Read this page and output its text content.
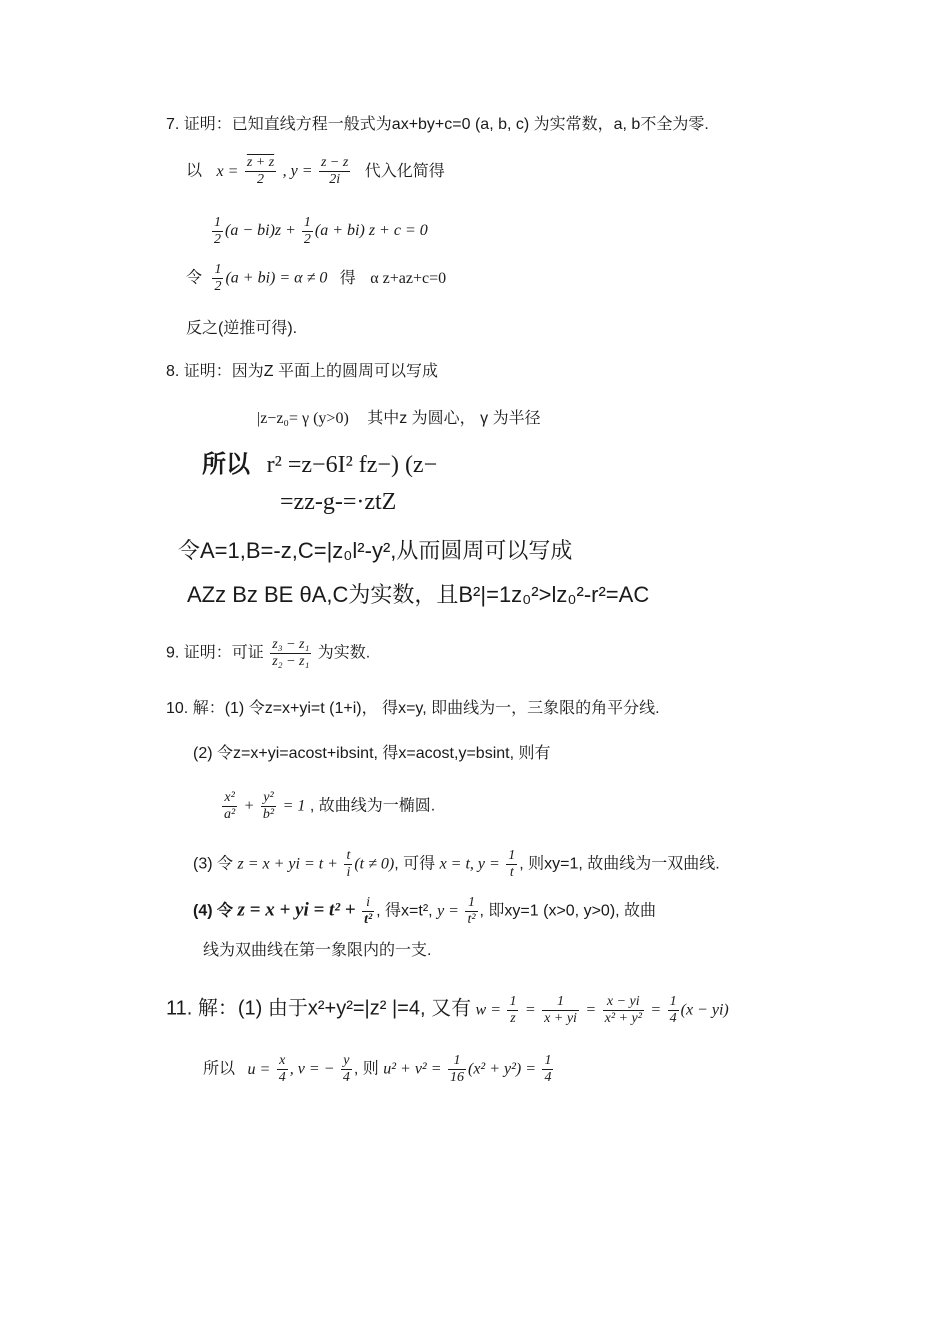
7. 证明：已知直线方程一般式为ax+by+c=0 (a, b, c) 为实常数，a, b不全为零.
以 $x = \frac{z + z}{2}$ , $y = \frac{z - z}{2i}$ 代入化简得
$\frac{1}{2} (a - bi)z + \frac{1}{2} (a + bi) z + c = 0$
令 $\frac{1}{2} (a + bi) = \alpha \ne 0$ 得 α z+az+c=0
反之(逆推可得).
8. 证明：因为Z 平面上的圆周可以写成
|z−z₀= γ (y>0) 其中z 为圆心， γ 为半径
所以 r² =z−6I² fz−) (z−
=zz-g-=·ztZ
令A=1,B=-z,C=|z₀l²-y²,从而圆周可以写成
AZz Bz BE θA,C为实数，且B²|=1z₀²>lz₀²-r²=AC
9. 证明：可证 $\frac{\text{z₃ − z₁}}{\text{z₂ − z₁}}$ 为实数.
10. 解：(1) 令z=x+yi=t (1+i)， 得x=y, 即曲线为一，三象限的角平分线.
(2) 令z=x+yi=acost+ibsint, 得x=acost,y=bsint, 则有
$\frac{\text{x²}}{\text{a²}} + \frac{\text{y²}}{\text{b²}} = 1$ , 故曲线为一椭圆.
(3) 令 z = x + yi = $t + \frac{t}{i} (t \ne 0)$, 可得 x = t, $y = \frac{1}{t}$ , 则xy=1, 故曲线为一双曲线.
(4) 令 z = x + yi = $t^2 + \frac{i}{\text{t²}}$ , 得x=t², $y = \frac{1}{\text{t²}}$ , 即xy=1 (x>0, y>0), 故曲
线为双曲线在第一象限内的一支.
11. 解：(1) 由于x²+y²=|z² |=4, 又有 $w = \frac{1}{z} = \frac{1}{x + yi} = \frac{x - yi}{\text{x² + y²}} = \frac{1}{4} (x - yi)$
所以 $u = \frac{x}{4}$ , v = − $\frac{y}{4}$ , 则 $u^2 + v^2 = \frac{1}{16} (x^2 + y^2) = \frac{1}{4}$
